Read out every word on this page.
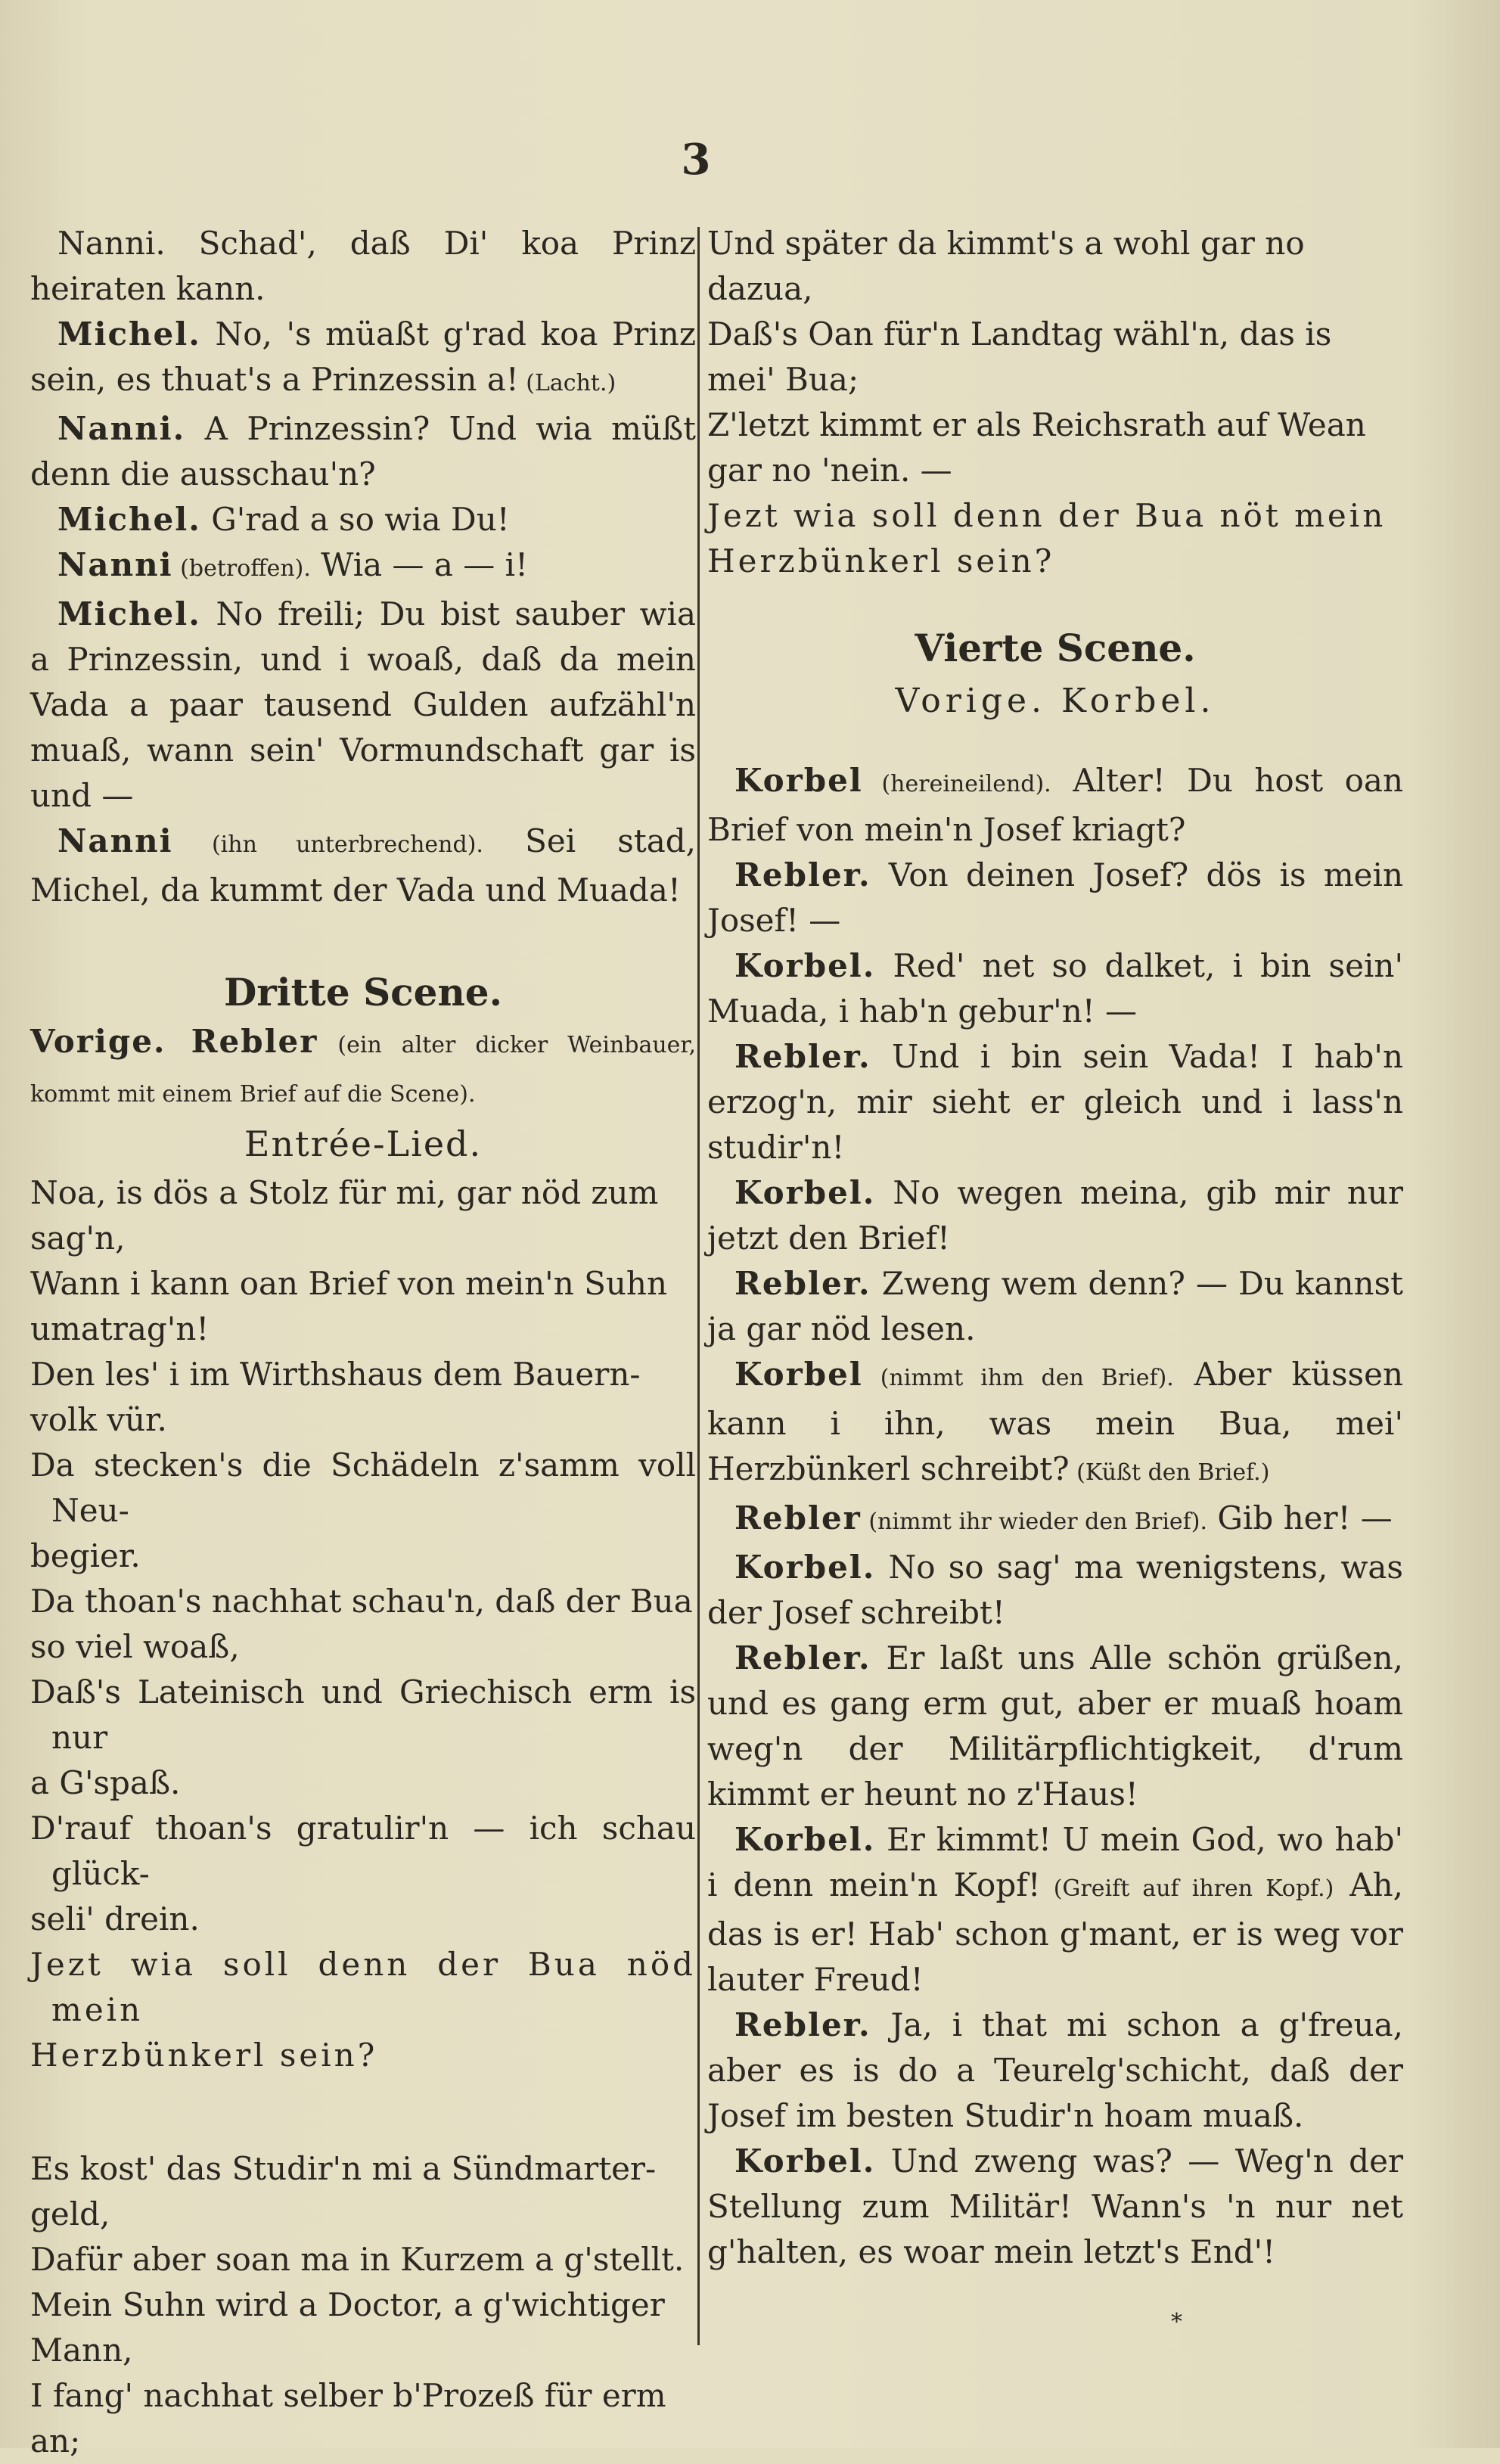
3

Nanni. Schad', daß Di' koa Prinz heiraten kann.

Michel. No, 's müaßt g'rad koa Prinz sein, es thuat's a Prinzessin a! (Lacht.)

Nanni. A Prinzessin? Und wia müßt denn die ausschau'n?

Michel. G'rad a so wia Du!

Nanni (betroffen). Wia — a — i!

Michel. No freili; Du bist sauber wia a Prinzessin, und i woaß, daß da mein Vada a paar tausend Gulden aufzähl'n muaß, wann sein' Vormundschaft gar is und —

Nanni (ihn unterbrechend). Sei stad, Michel, da kummt der Vada und Muada!

Dritte Scene.

Vorige. Rebler (ein alter dicker Weinbauer, kommt mit einem Brief auf die Scene).

Entrée-Lied.

Noa, is dös a Stolz für mi, gar nöd zum

sag'n,

Wann i kann oan Brief von mein'n Suhn

umatrag'n!

Den les' i im Wirthshaus dem Bauern-

volk vür.

Da stecken's die Schädeln z'samm voll Neu-

begier.

Da thoan's nachhat schau'n, daß der Bua

so viel woaß,

Daß's Lateinisch und Griechisch erm is nur

a G'spaß.

D'rauf thoan's gratulir'n — ich schau glück-

seli' drein.

Jezt wia soll denn der Bua nöd mein

Herzbünkerl sein?

Es kost' das Studir'n mi a Sündmarter-

geld,

Dafür aber soan ma in Kurzem a g'stellt.

Mein Suhn wird a Doctor, a g'wichtiger

Mann,

I fang' nachhat selber b'Prozeß für erm

an;

Und später da kimmt's a wohl gar no

dazua,

Daß's Oan für'n Landtag wähl'n, das is

mei' Bua;

Z'letzt kimmt er als Reichsrath auf Wean

gar no 'nein. —

Jezt wia soll denn der Bua nöt mein

Herzbünkerl sein?

Vierte Scene.

Vorige. Korbel.

Korbel (hereineilend). Alter! Du host oan Brief von mein'n Josef kriagt?

Rebler. Von deinen Josef? dös is mein Josef! —

Korbel. Red' net so dalket, i bin sein' Muada, i hab'n gebur'n! —

Rebler. Und i bin sein Vada! I hab'n erzog'n, mir sieht er gleich und i lass'n studir'n!

Korbel. No wegen meina, gib mir nur jetzt den Brief!

Rebler. Zweng wem denn? — Du kannst ja gar nöd lesen.

Korbel (nimmt ihm den Brief). Aber küssen kann i ihn, was mein Bua, mei' Herzbünkerl schreibt? (Küßt den Brief.)

Rebler (nimmt ihr wieder den Brief). Gib her! —

Korbel. No so sag' ma wenigstens, was der Josef schreibt!

Rebler. Er laßt uns Alle schön grüßen, und es gang erm gut, aber er muaß hoam weg'n der Militärpflichtigkeit, d'rum kimmt er heunt no z'Haus!

Korbel. Er kimmt! U mein God, wo hab' i denn mein'n Kopf! (Greift auf ihren Kopf.) Ah, das is er! Hab' schon g'mant, er is weg vor lauter Freud!

Rebler. Ja, i that mi schon a g'freua, aber es is do a Teurelg'schicht, daß der Josef im besten Studir'n hoam muaß.

Korbel. Und zweng was? — Weg'n der Stellung zum Militär! Wann's 'n nur net g'halten, es woar mein letzt's End'!

*
